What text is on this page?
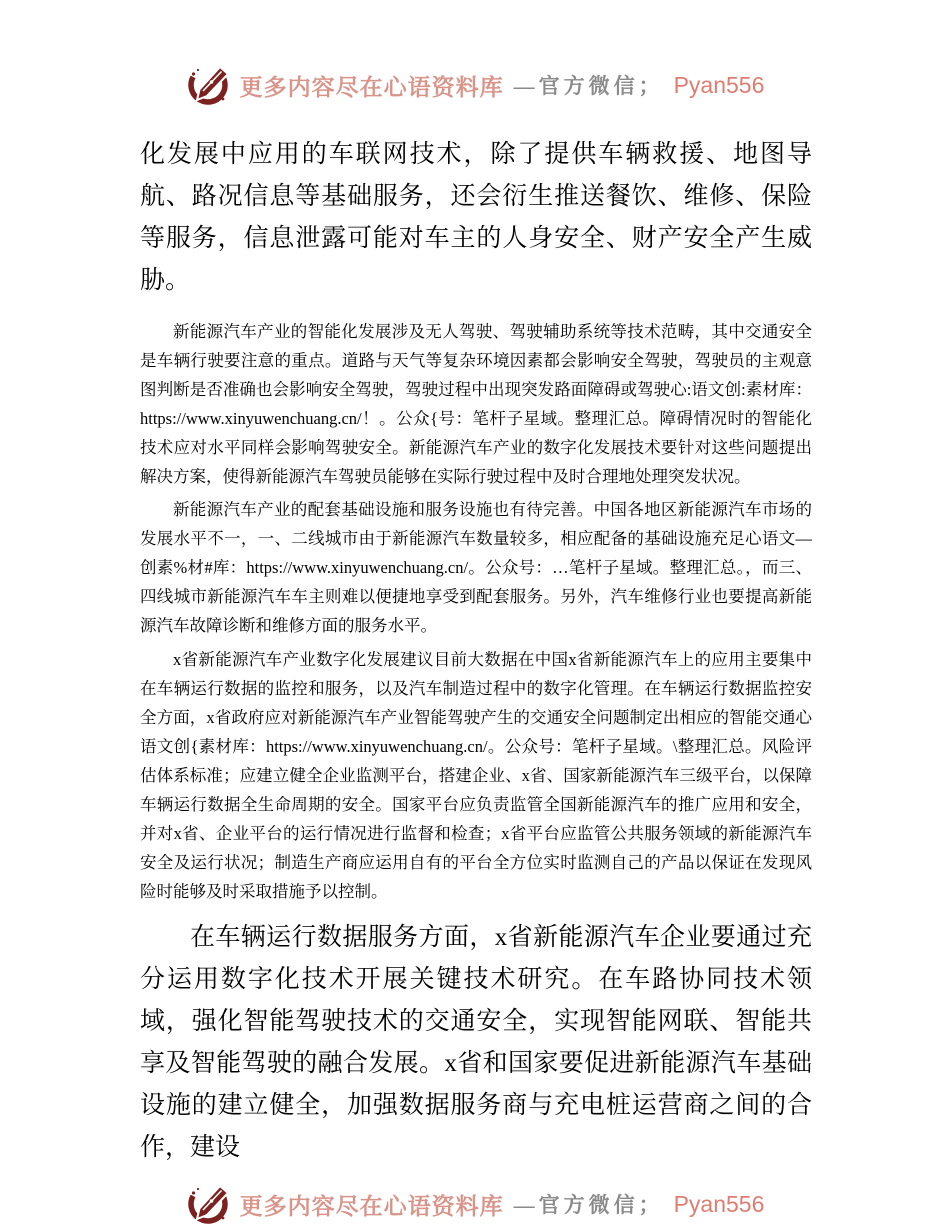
更多内容尽在心语资料库 —官方微信； Pyan556

化发展中应用的车联网技术，除了提供车辆救援、地图导航、路况信息等基础服务，还会衍生推送餐饮、维修、保险等服务，信息泄露可能对车主的人身安全、财产安全产生威胁。

新能源汽车产业的智能化发展涉及无人驾驶、驾驶辅助系统等技术范畴，其中交通安全是车辆行驶要注意的重点。道路与天气等复杂环境因素都会影响安全驾驶，驾驶员的主观意图判断是否准确也会影响安全驾驶，驾驶过程中出现突发路面障碍或驾驶心:语文创:素材库：https://www.xinyuwenchuang.cn/！。公众{号：笔杆子星域。整理汇总。障碍情况时的智能化技术应对水平同样会影响驾驶安全。新能源汽车产业的数字化发展技术要针对这些问题提出解决方案，使得新能源汽车驾驶员能够在实际行驶过程中及时合理地处理突发状况。

新能源汽车产业的配套基础设施和服务设施也有待完善。中国各地区新能源汽车市场的发展水平不一，一、二线城市由于新能源汽车数量较多，相应配备的基础设施充足心语文—创素%材#库：https://www.xinyuwenchuang.cn/。公众号：…笔杆子星域。整理汇总。，而三、四线城市新能源汽车车主则难以便捷地享受到配套服务。另外，汽车维修行业也要提高新能源汽车故障诊断和维修方面的服务水平。

x省新能源汽车产业数字化发展建议目前大数据在中国x省新能源汽车上的应用主要集中在车辆运行数据的监控和服务，以及汽车制造过程中的数字化管理。在车辆运行数据监控安全方面，x省政府应对新能源汽车产业智能驾驶产生的交通安全问题制定出相应的智能交通心语文创{素材库：https://www.xinyuwenchuang.cn/。公众号：笔杆子星域。\整理汇总。风险评估体系标准；应建立健全企业监测平台，搭建企业、x省、国家新能源汽车三级平台，以保障车辆运行数据全生命周期的安全。国家平台应负责监管全国新能源汽车的推广应用和安全，并对x省、企业平台的运行情况进行监督和检查；x省平台应监管公共服务领域的新能源汽车安全及运行状况；制造生产商应运用自有的平台全方位实时监测自己的产品以保证在发现风险时能够及时采取措施予以控制。

在车辆运行数据服务方面，x省新能源汽车企业要通过充分运用数字化技术开展关键技术研究。在车路协同技术领域，强化智能驾驶技术的交通安全，实现智能网联、智能共享及智能驾驶的融合发展。x省和国家要促进新能源汽车基础设施的建立健全，加强数据服务商与充电桩运营商之间的合作，建设

更多内容尽在心语资料库 —官方微信； Pyan556
